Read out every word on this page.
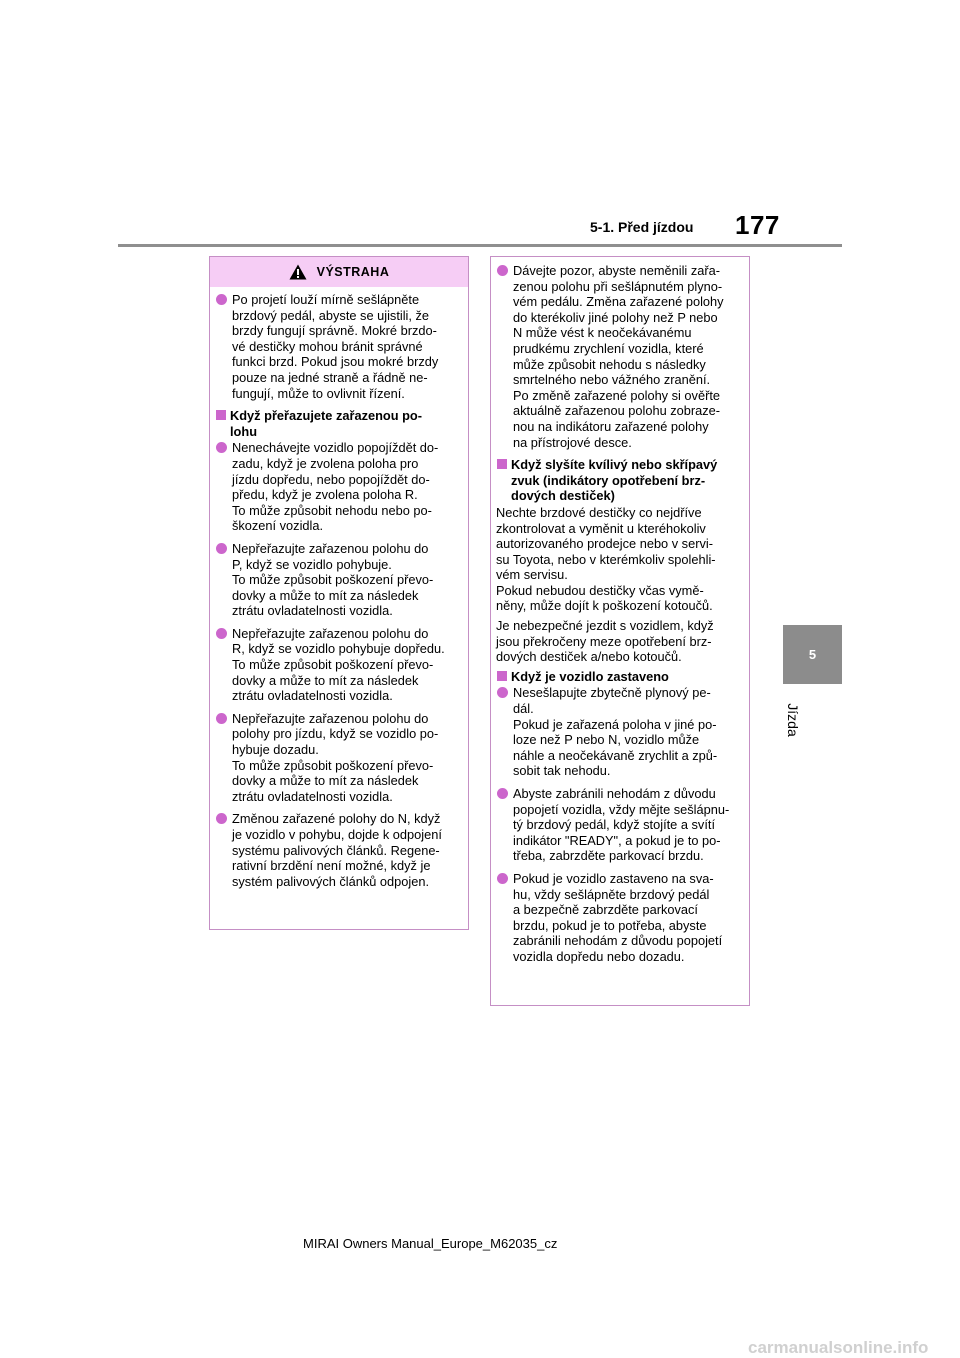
5-1. Před jízdou 177
5
Jízda
VÝSTRAHA
Po projetí louží mírně sešlápněte
brzdový pedál, abyste se ujistili, že
brzdy fungují správně. Mokré brzdo-
vé destičky mohou bránit správné
funkci brzd. Pokud jsou mokré brzdy
pouze na jedné straně a řádně ne-
fungují, může to ovlivnit řízení.
Když přeřazujete zařazenou po-
lohu
Nenechávejte vozidlo popojíždět do-
zadu, když je zvolena poloha pro
jízdu dopředu, nebo popojíždět do-
předu, když je zvolena poloha R.
To může způsobit nehodu nebo po-
škození vozidla.
Nepřeřazujte zařazenou polohu do
P, když se vozidlo pohybuje.
To může způsobit poškození převo-
dovky a může to mít za následek
ztrátu ovladatelnosti vozidla.
Nepřeřazujte zařazenou polohu do
R, když se vozidlo pohybuje dopředu.
To může způsobit poškození převo-
dovky a může to mít za následek
ztrátu ovladatelnosti vozidla.
Nepřeřazujte zařazenou polohu do
polohy pro jízdu, když se vozidlo po-
hybuje dozadu.
To může způsobit poškození převo-
dovky a může to mít za následek
ztrátu ovladatelnosti vozidla.
Změnou zařazené polohy do N, když
je vozidlo v pohybu, dojde k odpojení
systému palivových článků. Regene-
rativní brzdění není možné, když je
systém palivových článků odpojen.
Dávejte pozor, abyste neměnili zařa-
zenou polohu při sešlápnutém plyno-
vém pedálu. Změna zařazené polohy
do kterékoliv jiné polohy než P nebo
N může vést k neočekávanému
prudkému zrychlení vozidla, které
může způsobit nehodu s následky
smrtelného nebo vážného zranění.
Po změně zařazené polohy si ověřte
aktuálně zařazenou polohu zobraze-
nou na indikátoru zařazené polohy
na přístrojové desce.
Když slyšíte kvílivý nebo skřípavý
zvuk (indikátory opotřebení brz-
dových destiček)
Nechte brzdové destičky co nejdříve
zkontrolovat a vyměnit u kteréhokoliv
autorizovaného prodejce nebo v servi-
su Toyota, nebo v kterémkoliv spolehli-
vém servisu.
Pokud nebudou destičky včas vymě-
něny, může dojít k poškození kotoučů.
Je nebezpečné jezdit s vozidlem, když
jsou překročeny meze opotřebení brz-
dových destiček a/nebo kotoučů.
Když je vozidlo zastaveno
Nesešlapujte zbytečně plynový pe-
dál.
Pokud je zařazená poloha v jiné po-
loze než P nebo N, vozidlo může
náhle a neočekávaně zrychlit a způ-
sobit tak nehodu.
Abyste zabránili nehodám z důvodu
popojetí vozidla, vždy mějte sešlápnu-
tý brzdový pedál, když stojíte a svítí
indikátor "READY", a pokud je to po-
třeba, zabrzděte parkovací brzdu.
Pokud je vozidlo zastaveno na sva-
hu, vždy sešlápněte brzdový pedál
a bezpečně zabrzděte parkovací
brzdu, pokud je to potřeba, abyste
zabránili nehodám z důvodu popojetí
vozidla dopředu nebo dozadu.
MIRAI Owners Manual_Europe_M62035_cz
carmanualsonline.info
